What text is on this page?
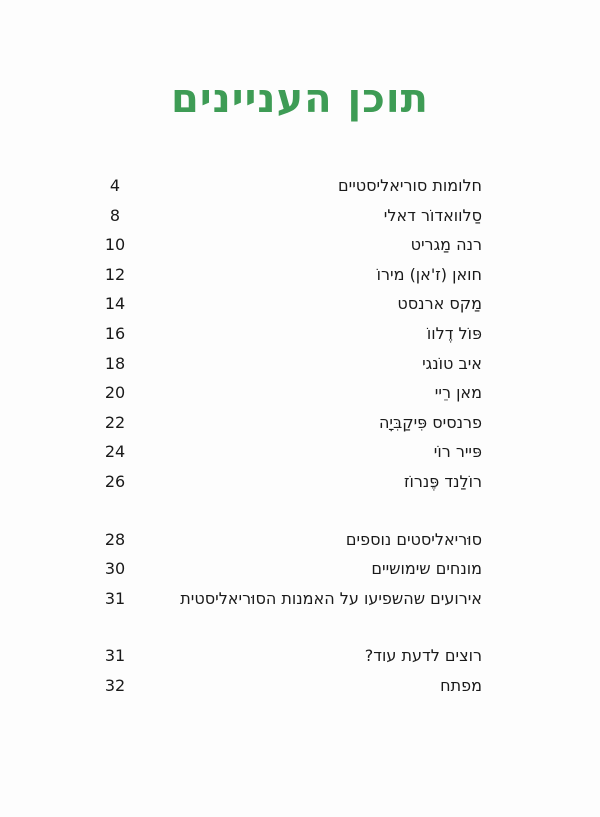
תוכן העניינים
חלומות סוריאליסטיים
4
סַלוואדוֹר דאלי
8
רנה מַגריט
10
חואן (ז'אן) מירוֹ
12
מַקס ארנסט
14
פּוֹל דֶלווֹ
16
איב טוֹנגי
18
מאן רֵיי
20
פרנסיס פִּיקַבִּיָה
22
פּייר רוֹי
24
רוֹלַנד פֶּנרוֹז
26
סוּריאליסטים נוספים
28
מונחים שימושיים
30
אירועים שהשפיעו על האמנות הסוּריאליסטית
31
רוצים לדעת עוד?
31
מפתח
32
